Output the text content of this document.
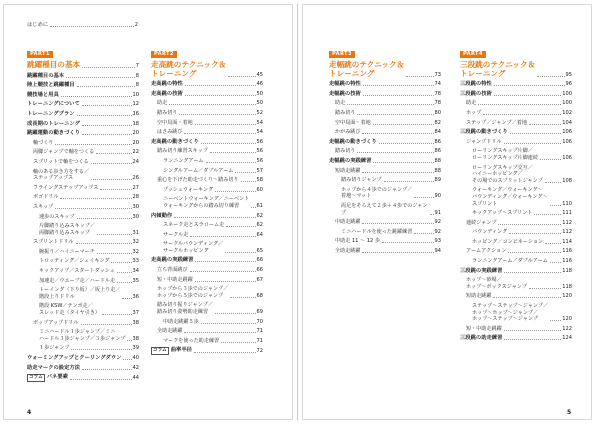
はじめに	2
PART1
跳躍種目の基本	7
跳躍種目の基本	8
陸上競技と跳躍種目	8
競技場と用具	10
トレーニングについて	12
トレーニングプラン	16
成長期のトレーニング	18
跳躍運動の動きづくり	20
軸づくり	20
両脚ジャンプで軸をつくる	22
スプリットで軸をつくる	24
軸のある歩き方をする／
ステップアップス	26
フライングステップアップス	27
ボゴドリル	28
スキップ	30
速歩のスキップ	30
片脚踏り込みスキップ／
両脚踏り込みスキップ	31
スプリントドリル	32
腕振り／ハイニーマーチ	32
トロッティング／シェイキング	33
キックアップ／スタートダッシュ	34
加速走／ウエーブ走／ハードル走	35
トーイング（下り坂）／坂上り走／
階段上りドリル	36
階段 KSW／テンポ走／
スレッド走（タイヤ引き）	37
ボップアップドリル	38
ミニハードル１歩ジャンプ／ミニ
ハードル３歩ジャンプ／３歩ジャンプ 38
１歩ジャンプ	39
ウォーミングアップとクーリングダウン 40
助走マークの設定方法	42
コラム バネ要素	44
PART2
走高跳のテクニック＆
トレーニング	45
走高跳の特性	46
走高跳の技術	50
助走	50
踏み切り	52
空中局面・着地	54
はさみ跳び	54
走高跳の動きづくり	56
踏み切り練習スキップ	56
ランニングアーム	56
シングルアーム／ダブルアーム	57
重心を下げた助走づくり〜踏み切り	58
プッシュウォーキング	60
ニーベントウォーキング／ニーベント
ウォーキングからの踏み切り練習	61
内傾動作	62
スネーク走とスラローム走	62
サークル走	64
サークルバウンディング／
サークルホッピング	65
走高跳の実践練習	66
立ち背面跳び	66
短・中助走跳躍	67
ホップから３歩でのジャンプ／
ホップから５歩でのジャンプ	68
踏み切り振りジャンプ／
踏み切り姿勢助走練習	69
中助走跳躍５歩	70
全助走跳躍	71
マークを使った助走練習	71
コラム 曲率半径	72
PART3
走幅跳のテクニック＆
トレーニング	73
走幅跳の特性	74
走幅跳の技術	78
助走	78
踏み切り	80
空中局面・着地	82
かがみ跳び	84
走幅跳の動きづくり	86
踏み切り	86
走幅跳の実践練習	88
短助走跳躍	88
踏み切りジャンプ	89
ホップから４歩でのジャンプ／
着地〜マット	90
両足をそろえて２歩＋４歩でのジャンプ	91
中助走跳躍	92
ミニハードルを使った跳躍練習	92
中助走 11 〜 12 歩	93
全助走跳躍	94
PART4
三段跳のテクニック＆
トレーニング	95
三段跳の特性	96
三段跳の技術	100
助走	100
ホップ	102
ステップ／ジャンプ／着地	104
三段跳の動きづくり	106
ジャンプドリル	106
ローリングスキップ片脚／
ローリングスキップ片脚連続	106
ローリングスキップ交互／
ハイニーホッピング／
その場でのスプリットジャンプ	108
ウォーキング／ウォーキング〜
バウンディング／ウォーキング〜
スプリント	110
キックアップ〜スプリント	111
連続ジャンプ	112
バウンディング	112
ホッピング／コンビネーション	114
アームアクション	116
ランニングアーム／ダブルアーム	116
三段跳の実践練習	118
ホップ〜砂場／
ホップ〜ボックスジャンプ	118
短助走跳躍	120
ステップ〜ステップ〜ジャンプ／
ホップ〜ホップ〜ジャンプ／
ホップ〜ステップ〜ジャンプ	120
短・中助走跳躍	122
三段跳の助走練習	124
4	5
